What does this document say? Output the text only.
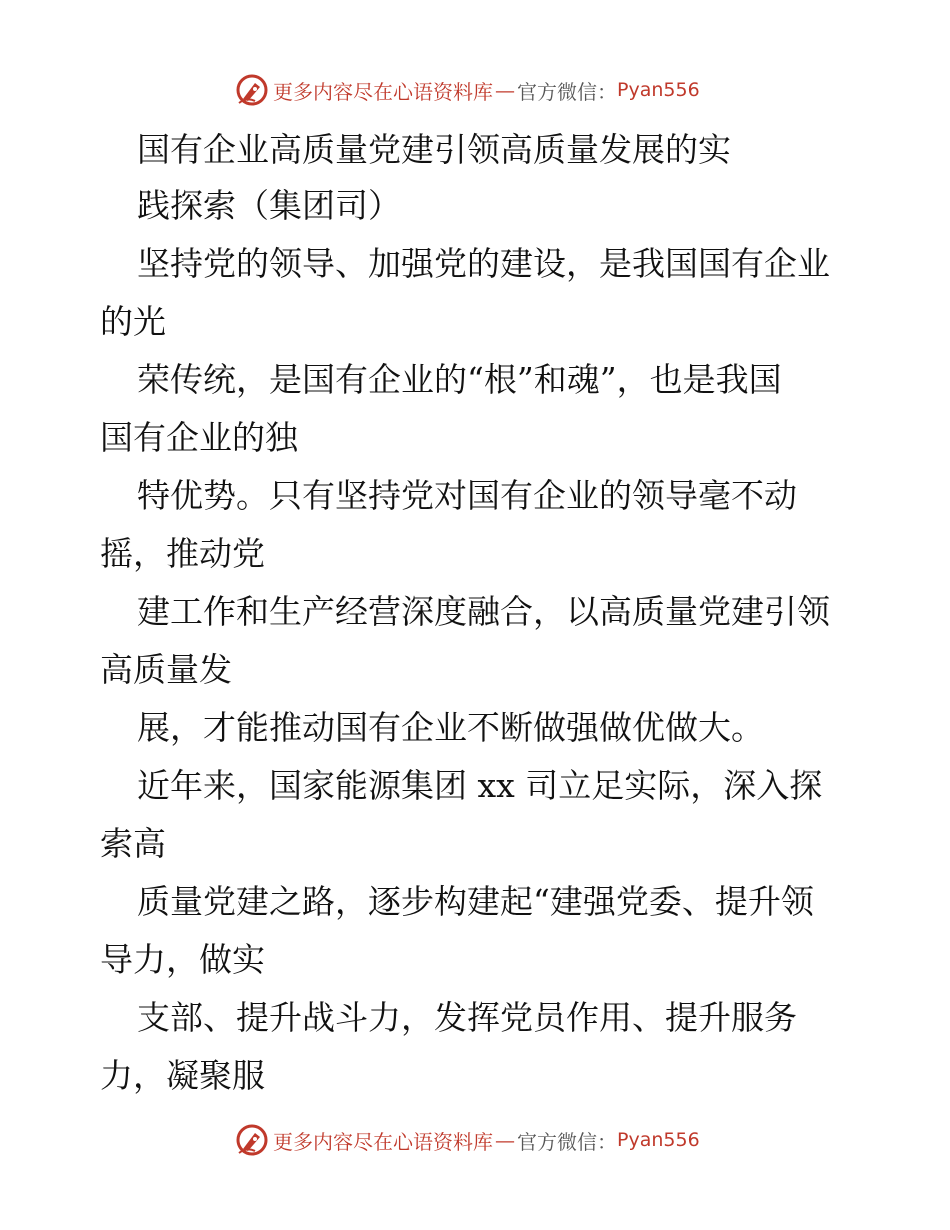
更多内容尽在心语资料库 — 官方微信： Pyan556
国有企业高质量党建引领高质量发展的实
践探索（集团司）
坚持党的领导、加强党的建设，是我国国有企业
的光
荣传统，是国有企业的“根”和魂”，也是我国
国有企业的独
特优势。只有坚持党对国有企业的领导毫不动
摇，推动党
建工作和生产经营深度融合，以高质量党建引领
高质量发
展，才能推动国有企业不断做强做优做大。
近年来，国家能源集团 xx 司立足实际，深入探
索高
质量党建之路，逐步构建起“建强党委、提升领
导力，做实
支部、提升战斗力，发挥党员作用、提升服务
力，凝聚服
更多内容尽在心语资料库 — 官方微信： Pyan556
